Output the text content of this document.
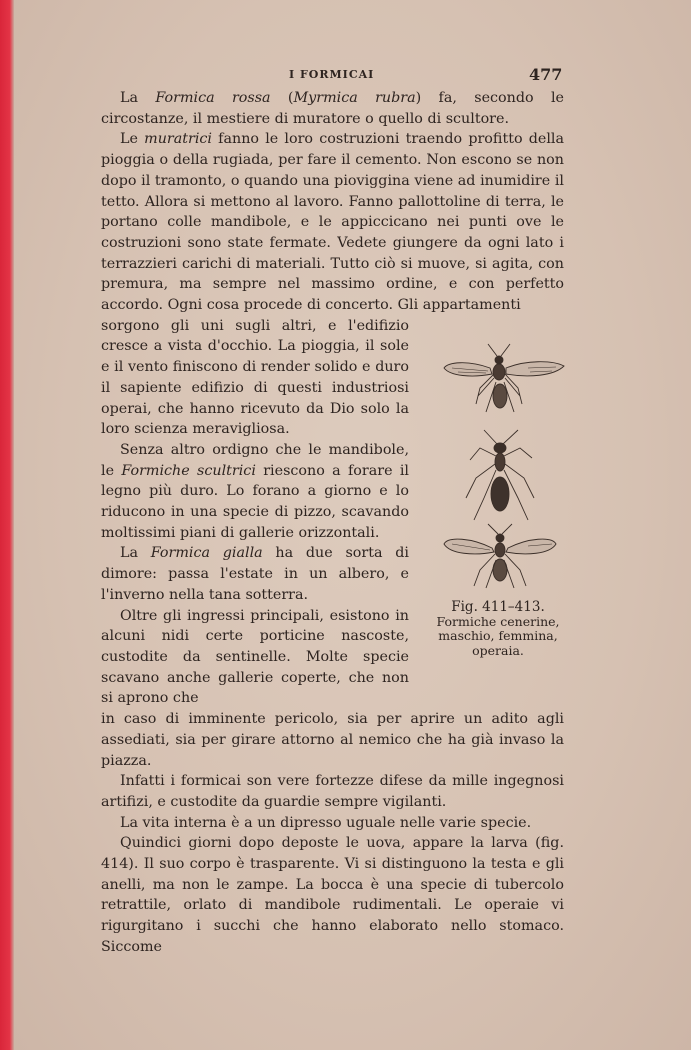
I FORMICAI	477

La Formica rossa (Myrmica rubra) fa, secondo le circostanze, il mestiere di muratore o quello di scultore.

Le muratrici fanno le loro costruzioni traendo profitto della pioggia o della rugiada, per fare il cemento. Non escono se non dopo il tramonto, o quando una pioviggina viene ad inumidire il tetto. Allora si mettono al lavoro. Fanno pallottoline di terra, le portano colle mandibole, e le appiccicano nei punti ove le costruzioni sono state fermate. Vedete giungere da ogni lato i terrazzieri carichi di materiali. Tutto ciò si muove, si agita, con premura, ma sempre nel massimo ordine, e con perfetto accordo. Ogni cosa procede di concerto. Gli appartamenti

sorgono gli uni sugli altri, e l'edifizio cresce a vista d'occhio. La pioggia, il sole e il vento finiscono di render solido e duro il sapiente edifizio di questi industriosi operai, che hanno ricevuto da Dio solo la loro scienza meravigliosa.

Senza altro ordigno che le mandibole, le Formiche scultrici riescono a forare il legno più duro. Lo forano a giorno e lo riducono in una specie di pizzo, scavando moltissimi piani di gallerie orizzontali.

La Formica gialla ha due sorta di dimore: passa l'estate in un albero, e l'inverno nella tana sotterra.

Oltre gli ingressi principali, esistono in alcuni nidi certe porticine nascoste, custodite da sentinelle. Molte specie scavano anche gallerie coperte, che non si aprono che

in caso di imminente pericolo, sia per aprire un adito agli assediati, sia per girare attorno al nemico che ha già invaso la piazza.

Infatti i formicai son vere fortezze difese da mille ingegnosi artifizi, e custodite da guardie sempre vigilanti.

La vita interna è a un dipresso uguale nelle varie specie.

Quindici giorni dopo deposte le uova, appare la larva (fig. 414). Il suo corpo è trasparente. Vi si distinguono la testa e gli anelli, ma non le zampe. La bocca è una specie di tubercolo retrattile, orlato di mandibole rudimentali. Le operaie vi rigurgitano i succhi che hanno elaborato nello stomaco. Siccome

Fig. 411–413.
Formiche cenerine,
maschio, femmina,
operaia.
